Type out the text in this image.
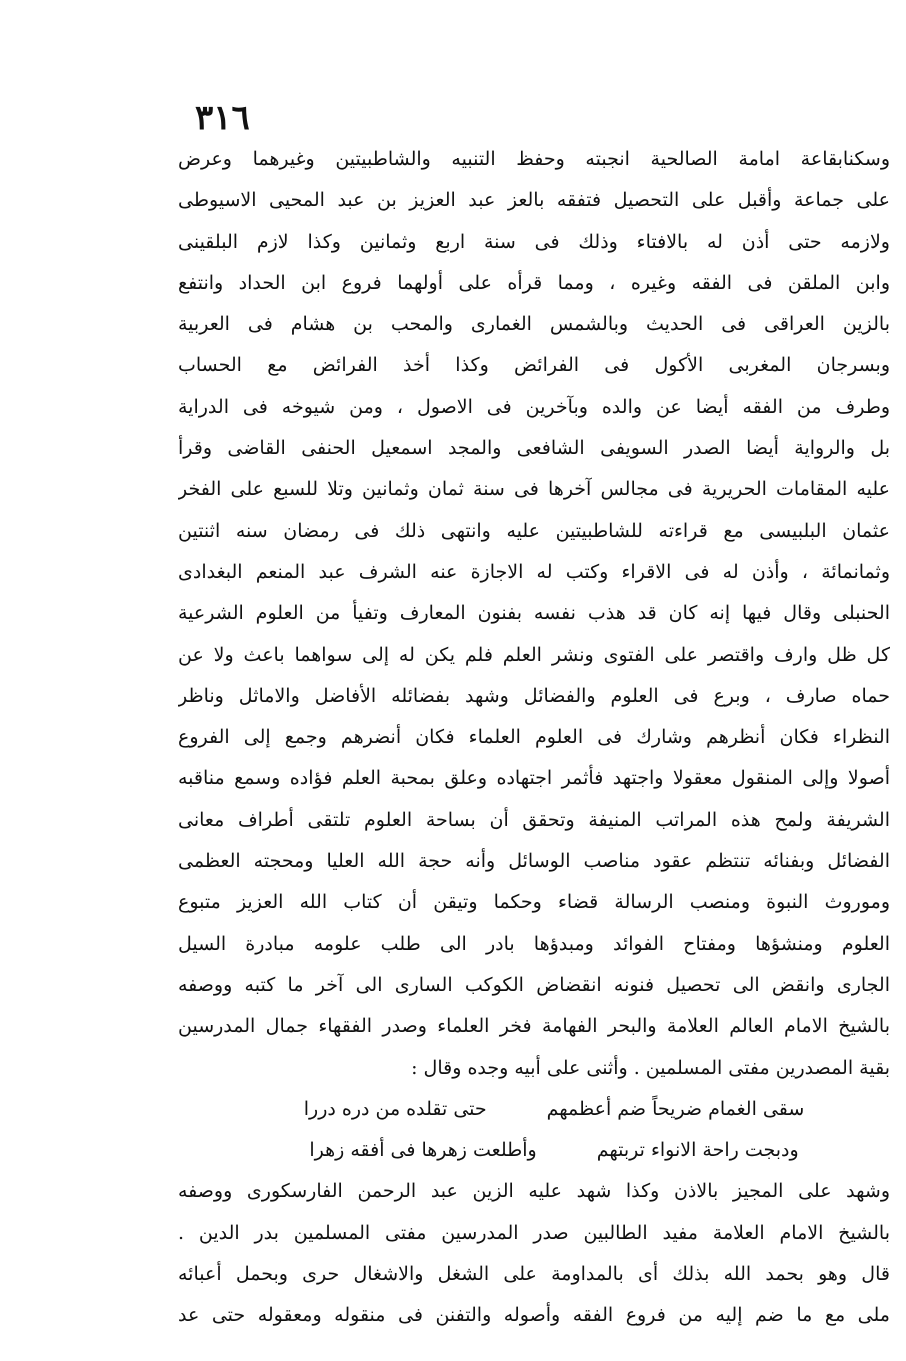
٣١٦
وسكنابقاعة امامة الصالحية انجبته وحفظ التنبيه والشاطبيتين وغيرهما وعرض
على جماعة وأقبل على التحصيل فتفقه بالعز عبد العزيز بن عبد المحيى الاسيوطى
ولازمه حتى أذن له بالافتاء وذلك فى سنة اربع وثمانين وكذا لازم البلقينى
وابن الملقن فى الفقه وغيره ، ومما قرأه على أولهما فروع ابن الحداد وانتفع
بالزين العراقى فى الحديث وبالشمس الغمارى والمحب بن هشام فى العربية
وبسرجان المغربى الأكول فى الفرائض وكذا أخذ الفرائض مع الحساب
وطرف من الفقه أيضا عن والده وبآخرين فى الاصول ، ومن شيوخه فى الدراية
بل والرواية أيضا الصدر السويفى الشافعى والمجد اسمعيل الحنفى القاضى وقرأ
عليه المقامات الحريرية فى مجالس آخرها فى سنة ثمان وثمانين وتلا للسبع على الفخر
عثمان البلبيسى مع قراءته للشاطبيتين عليه وانتهى ذلك فى رمضان سنه اثنتين
وثمانمائة ، وأذن له فى الاقراء وكتب له الاجازة عنه الشرف عبد المنعم البغدادى
الحنبلى وقال فيها إنه كان قد هذب نفسه بفنون المعارف وتفيأ من العلوم الشرعية
كل ظل وارف واقتصر على الفتوى ونشر العلم فلم يكن له إلى سواهما باعث ولا عن
حماه صارف ، وبرع فى العلوم والفضائل وشهد بفضائله الأفاضل والاماثل وناظر
النظراء فكان أنظرهم وشارك فى العلوم العلماء فكان أنضرهم وجمع إلى الفروع
أصولا وإلى المنقول معقولا واجتهد فأثمر اجتهاده وعلق بمحبة العلم فؤاده وسمع مناقبه
الشريفة ولمح هذه المراتب المنيفة وتحقق أن بساحة العلوم تلتقى أطراف معانى
الفضائل وبفنائه تنتظم عقود مناصب الوسائل وأنه حجة الله العليا ومحجته العظمى
وموروث النبوة ومنصب الرسالة قضاء وحكما وتيقن أن كتاب الله العزيز متبوع
العلوم ومنشؤها ومفتاح الفوائد ومبدؤها بادر الى طلب علومه مبادرة السيل
الجارى وانقض الى تحصيل فنونه انقضاض الكوكب السارى الى آخر ما كتبه ووصفه
بالشيخ الامام العالم العلامة والبحر الفهامة فخر العلماء وصدر الفقهاء جمال المدرسين
بقية المصدرين مفتى المسلمين . وأثنى على أبيه وجده وقال :
سقى الغمام ضريحاً ضم أعظمهم
حتى تقلده من دره دررا
ودبجت راحة الانواء تربتهم
وأطلعت زهرها فى أفقه زهرا
وشهد على المجيز بالاذن وكذا شهد عليه الزين عبد الرحمن الفارسكورى ووصفه
بالشيخ الامام العلامة مفيد الطالبين صدر المدرسين مفتى المسلمين بدر الدين .
قال وهو بحمد الله بذلك أى بالمداومة على الشغل والاشغال حرى وبحمل أعبائه
ملى مع ما ضم إليه من فروع الفقه وأصوله والتفنن فى منقوله ومعقوله حتى عد
